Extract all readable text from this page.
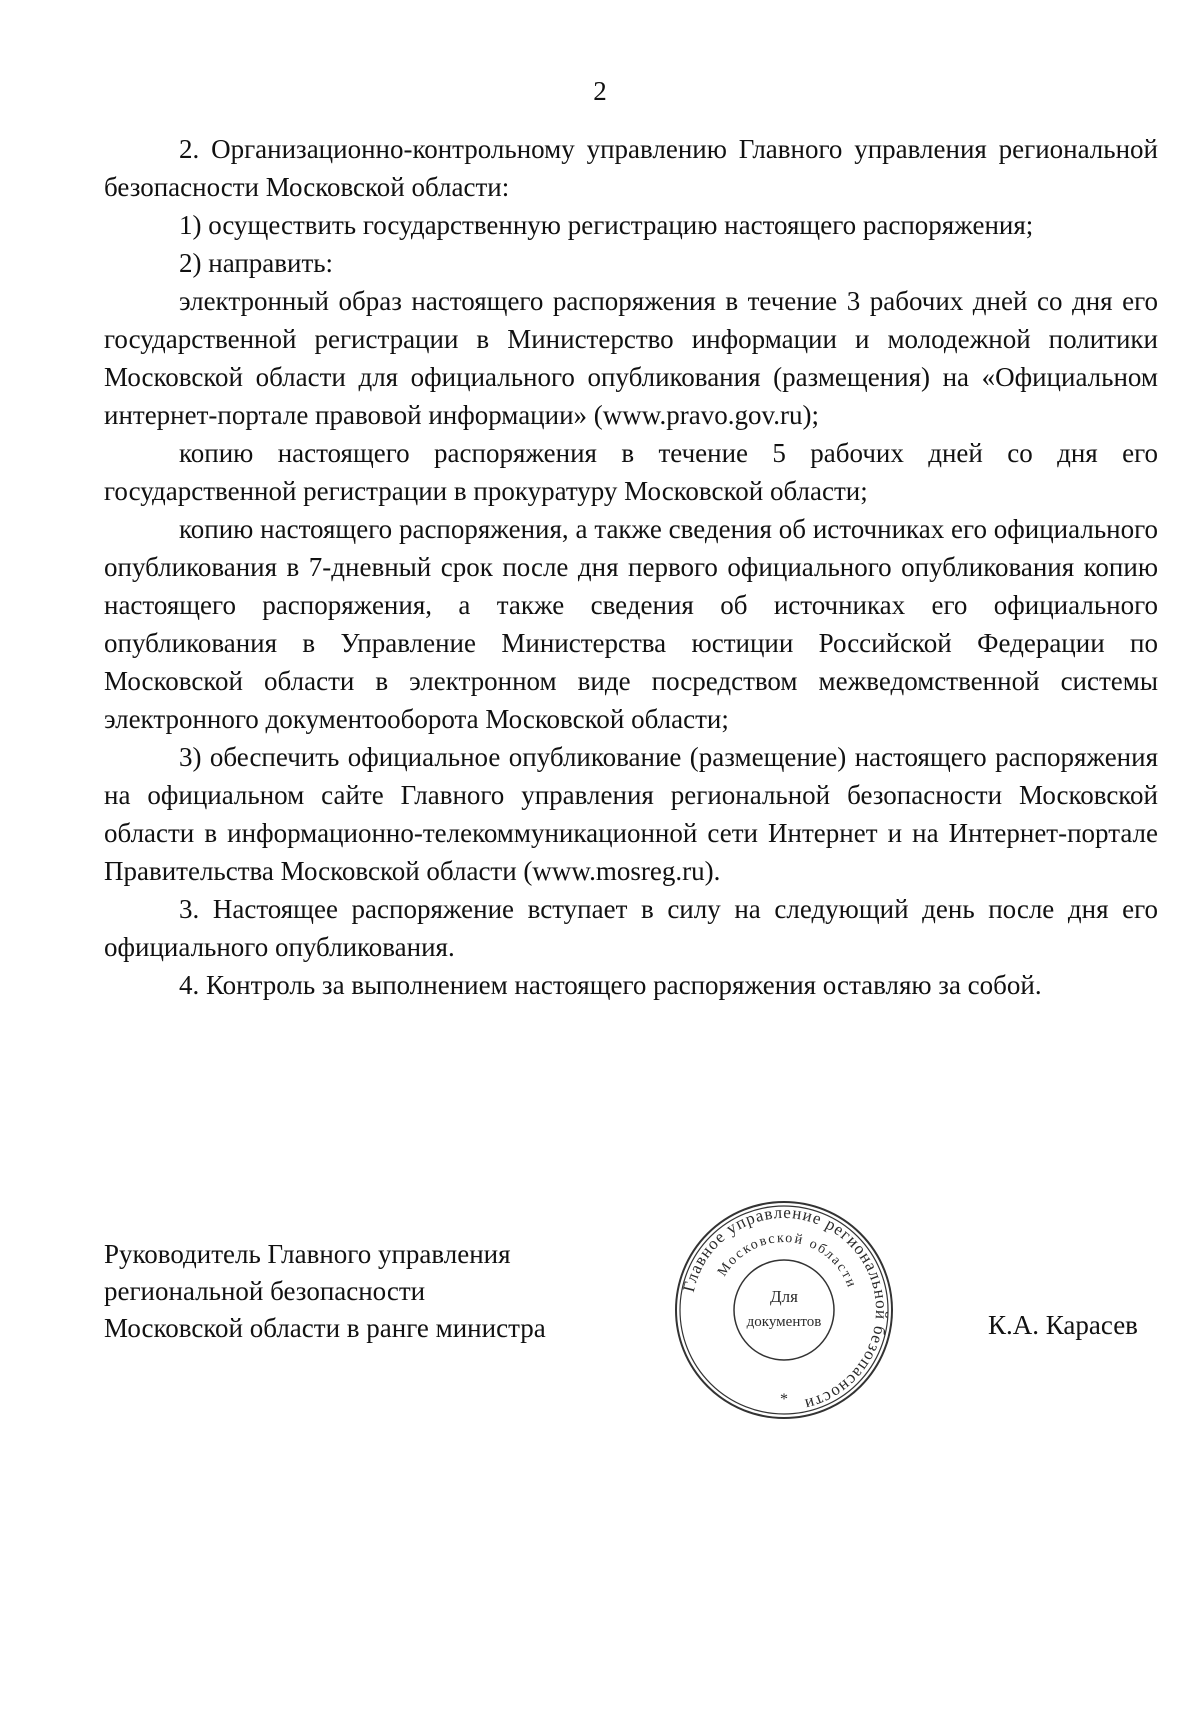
2

2. Организационно-контрольному управлению Главного управления региональной безопасности Московской области:

1) осуществить государственную регистрацию настоящего распоряжения;

2) направить:

электронный образ настоящего распоряжения в течение 3 рабочих дней со дня его государственной регистрации в Министерство информации и молодежной политики Московской области для официального опубликования (размещения) на «Официальном интернет-портале правовой информации» (www.pravo.gov.ru);

копию настоящего распоряжения в течение 5 рабочих дней со дня его государственной регистрации в прокуратуру Московской области;

копию настоящего распоряжения, а также сведения об источниках его официального опубликования в 7-дневный срок после дня первого официального опубликования копию настоящего распоряжения, а также сведения об источниках его официального опубликования в Управление Министерства юстиции Российской Федерации по Московской области в электронном виде посредством межведомственной системы электронного документооборота Московской области;

3) обеспечить официальное опубликование (размещение) настоящего распоряжения на официальном сайте Главного управления региональной безопасности Московской области в информационно-телекоммуникационной сети Интернет и на Интернет-портале Правительства Московской области (www.mosreg.ru).

3. Настоящее распоряжение вступает в силу на следующий день после дня его официального опубликования.

4. Контроль за выполнением настоящего распоряжения оставляю за собой.

Руководитель Главного управления
региональной безопасности
Московской области в ранге министра
Главное управление региональной безопасности
Московской области
*
Для
документов	К.А. Карасев
